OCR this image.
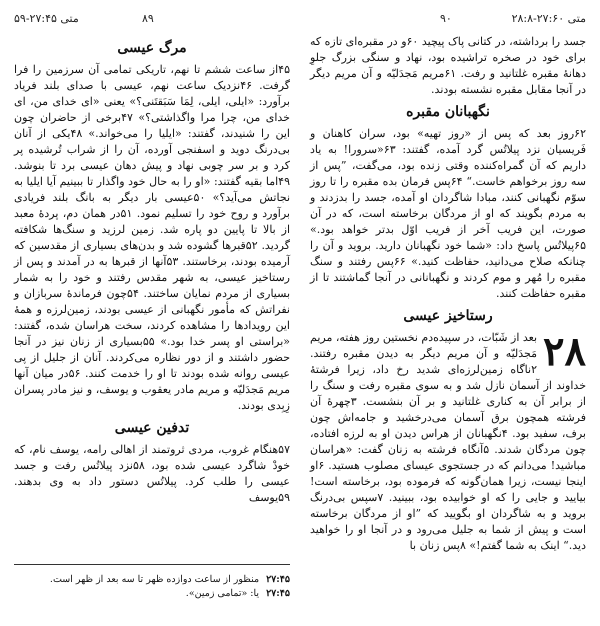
متی ۲۷:۴۵-۵۹	۸۹	۹۰	متی ۲۷:۶۰-۲۸:۸
مرگ عیسی

۴۵از ساعت ششم تا نهم، تاریکی تمامی آن سرزمین را فرا گرفت. ۴۶نزدیک ساعت نهم، عیسی با صدای بلند فریاد برآورد: «ایلی، ایلی، لِمَا سَبَقتَنی؟» یعنی «ای خدای من، ای خدای من، چرا مرا واگذاشتی؟» ۴۷برخی از حاضران چون این را شنیدند، گفتند: «ایلیا را می‌خواند.» ۴۸یکی از آنان بی‌درنگ دوید و اسفنجی آورده، آن را از شراب تُرشیده پر کرد و بر سر چوبی نهاد و پیش دهان عیسی برد تا بنوشد. ۴۹اما بقیه گفتند: «او را به حال خود واگذار تا ببینیم آیا ایلیا به نجاتش می‌آید؟» ۵۰عیسی بار دیگر به بانگ بلند فریادی برآورد و روح خود را تسلیم نمود. ۵۱در همان دم، پردهٔ معبد از بالا تا پایین دو پاره شد. زمین لرزید و سنگ‌ها شکافته گردید. ۵۲قبرها گشوده شد و بدن‌های بسیاری از مقدسین که آرمیده بودند، برخاستند. ۵۳آنها از قبرها به در آمدند و پس از رستاخیز عیسی، به شهر مقدس رفتند و خود را به شمار بسیاری از مردم نمایان ساختند. ۵۴چون فرماندهٔ سربازان و نفراتش که مأمور نگهبانی از عیسی بودند، زمین‌لرزه و همهٔ این رویدادها را مشاهده کردند، سخت هراسان شده، گفتند: «براستی او پسر خدا بود.» ۵۵بسیاری از زنان نیز در آنجا حضور داشتند و از دور نظاره می‌کردند. آنان از جلیل از پی عیسی روانه شده بودند تا او را خدمت کنند. ۵۶در میان آنها مریم مَجدَلیّه و مریم مادر یعقوب و یوسف، و نیز مادر پسران زِبِدی بودند.

تدفین عیسی

۵۷هنگام غروب، مردی ثروتمند از اهالی رامه، یوسف نام، که خودْ شاگرد عیسی شده بود، ۵۸نزد پیلاتُس رفت و جسد عیسی را طلب کرد. پیلاتُس دستور داد به وی بدهند. ۵۹یوسف

۲۷:۴۵ منظور از ساعت دوازده ظهر تا سه بعد از ظهر است.
۲۷:۴۵ یا: «تمامی زمین».

جسد را برداشته، در کتانی پاک پیچید ۶۰و در مقبره‌ای تازه که برای خود در صخره تراشیده بود، نهاد و سنگی بزرگ جلوِ دهانهٔ مقبره غلتانید و رفت. ۶۱مریم مَجدَلیّه و آن مریم دیگر در آنجا مقابل مقبره نشسته بودند.

نگهبانان مقبره

۶۲روز بعد که پس از «روز تهیه» بود، سران کاهنان و فَریسیان نزد پیلاتُس گرد آمده، گفتند: ۶۳«سرورا! به یاد داریم که آن گمراه‌کننده وقتی زنده بود، می‌گفت، ”پس از سه روز برخواهم خاست.“ ۶۴پس فرمان بده مقبره را تا روز سوّم نگهبانی کنند، مبادا شاگردان او آمده، جسد را بدزدند و به مردم بگویند که او از مردگان برخاسته است، که در آن صورت، این فریب آخر از فریب اوّل بدتر خواهد بود.» ۶۵پیلاتُس پاسخ داد: «شما خود نگهبانان دارید. بروید و آن را چنانکه صلاح می‌دانید، حفاظت کنید.» ۶۶پس رفتند و سنگ مقبره را مُهر و موم کردند و نگهبانانی در آنجا گماشتند تا از مقبره حفاظت کنند.

رستاخیز عیسی
۲۸

بعد از شَبّات، در سپیده‌دم نخستین روز هفته، مریم مَجدَلیّه و آن مریم دیگر به دیدن مقبره رفتند. ۲ناگاه زمین‌لرزه‌ای شدید رخ داد، زیرا فرشتهٔ خداوند از آسمان نازل شد و به سوی مقبره رفت و سنگ را از برابر آن به کناری غلتانید و بر آن بنشست. ۳چهرهٔ آن فرشته همچون برق آسمان می‌درخشید و جامه‌اش چون برف، سفید بود. ۴نگهبانان از هراس دیدن او به لرزه افتاده، چون مردگان شدند. ۵آنگاه فرشته به زنان گفت: «هراسان مباشید! می‌دانم که در جستجوی عیسای مصلوب هستید. ۶او اینجا نیست، زیرا همان‌گونه که فرموده بود، برخاسته است! بیایید و جایی را که او خوابیده بود، ببینید. ۷سپس بی‌درنگ بروید و به شاگردان او بگویید که ”او از مردگان برخاسته است و پیش از شما به جلیل می‌رود و در آنجا او را خواهید دید.“ اینک به شما گفتم!» ۸پس زنان با
